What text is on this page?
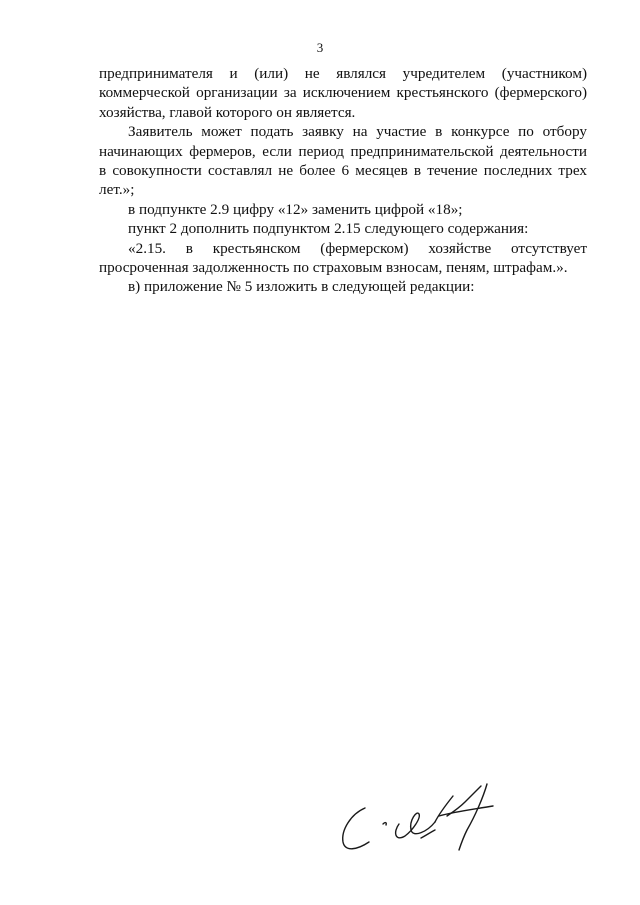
3

предпринимателя и (или) не являлся учредителем (участником)
коммерческой организации за исключением крестьянского (фермерского)
хозяйства, главой которого он является.

Заявитель может подать заявку на участие в конкурсе по отбору
начинающих фермеров, если период предпринимательской деятельности
в совокупности составлял не более 6 месяцев в течение последних трех
лет.»;

в подпункте 2.9 цифру «12» заменить цифрой «18»;

пункт 2 дополнить подпунктом 2.15 следующего содержания:

«2.15. в крестьянском (фермерском) хозяйстве отсутствует
просроченная задолженность по страховым взносам, пеням, штрафам.».

в) приложение № 5 изложить в следующей редакции:
